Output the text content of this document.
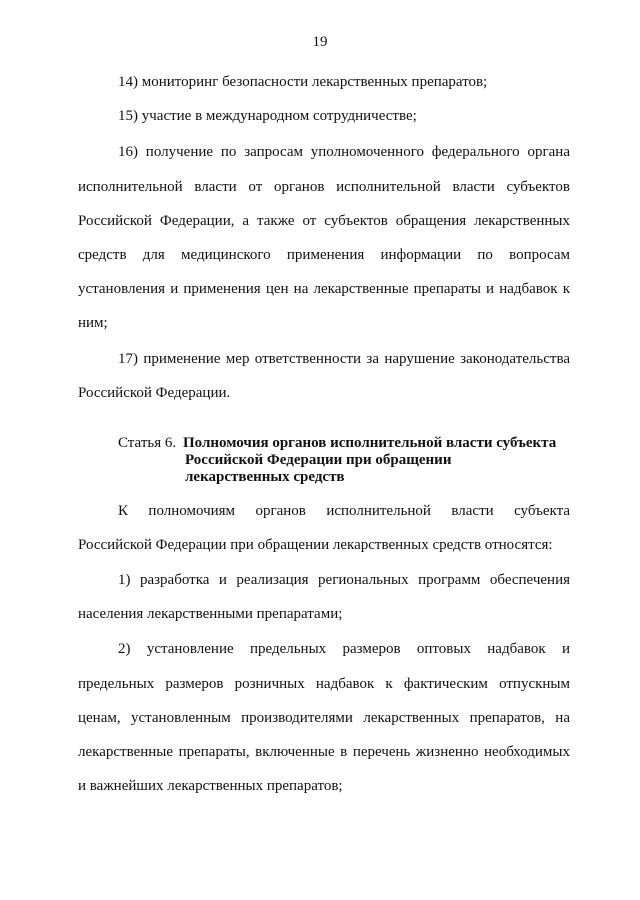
19
14) мониторинг безопасности лекарственных препаратов;
15) участие в международном сотрудничестве;
16) получение по запросам уполномоченного федерального органа
исполнительной власти от органов исполнительной власти субъектов
Российской Федерации, а также от субъектов обращения лекарственных
средств для медицинского применения информации по вопросам
установления и применения цен на лекарственные препараты и надбавок к
ним;
17) применение мер ответственности за нарушение законодательства
Российской Федерации.
Статья 6. Полномочия органов исполнительной власти субъекта
Российской Федерации при обращении
лекарственных средств
К полномочиям органов исполнительной власти субъекта
Российской Федерации при обращении лекарственных средств относятся:
1) разработка и реализация региональных программ обеспечения
населения лекарственными препаратами;
2) установление предельных размеров оптовых надбавок и
предельных размеров розничных надбавок к фактическим отпускным
ценам, установленным производителями лекарственных препаратов, на
лекарственные препараты, включенные в перечень жизненно необходимых
и важнейших лекарственных препаратов;
